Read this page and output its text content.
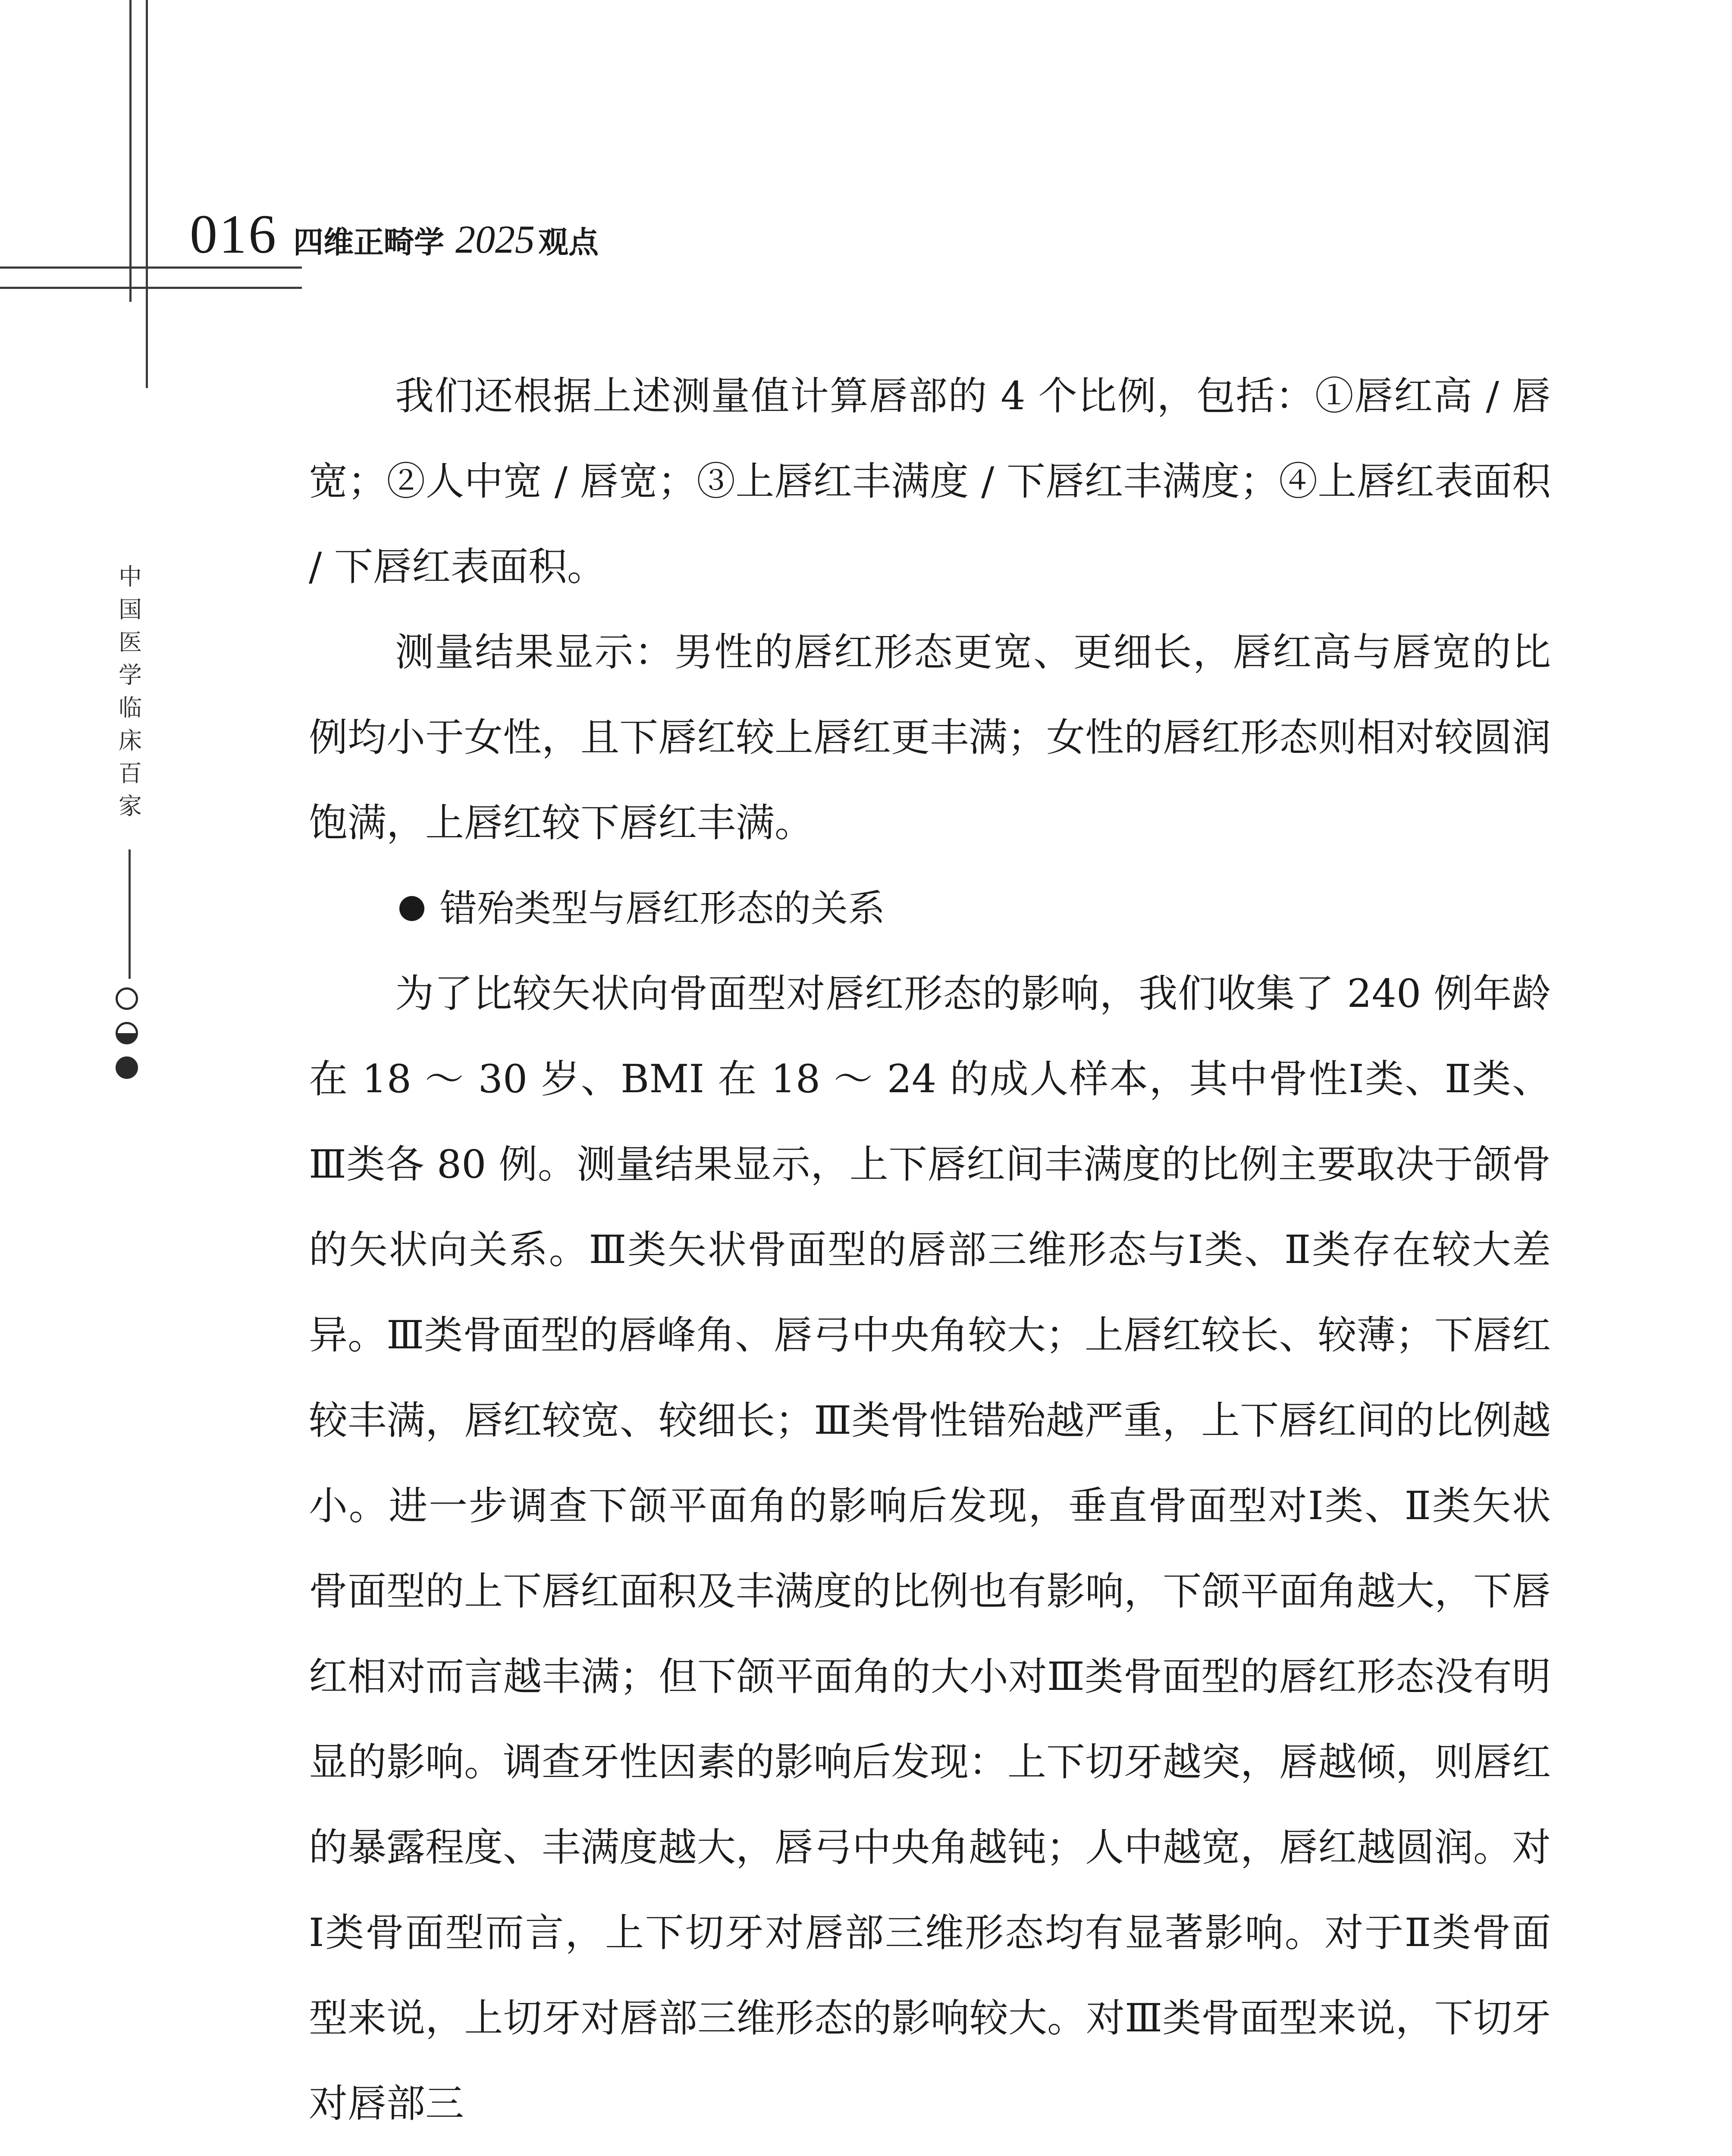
016 四维正畸学 2025 观点
中国医学临床百家

我们还根据上述测量值计算唇部的 4 个比例，包括：①唇红高 / 唇宽；②人中宽 / 唇宽；③上唇红丰满度 / 下唇红丰满度；④上唇红表面积 / 下唇红表面积。

测量结果显示：男性的唇红形态更宽、更细长，唇红高与唇宽的比例均小于女性，且下唇红较上唇红更丰满；女性的唇红形态则相对较圆润饱满，上唇红较下唇红丰满。

错殆类型与唇红形态的关系

为了比较矢状向骨面型对唇红形态的影响，我们收集了 240 例年龄在 18 ～ 30 岁、BMI 在 18 ～ 24 的成人样本，其中骨性Ⅰ类、Ⅱ类、Ⅲ类各 80 例。测量结果显示，上下唇红间丰满度的比例主要取决于颌骨的矢状向关系。Ⅲ类矢状骨面型的唇部三维形态与Ⅰ类、Ⅱ类存在较大差异。Ⅲ类骨面型的唇峰角、唇弓中央角较大；上唇红较长、较薄；下唇红较丰满，唇红较宽、较细长；Ⅲ类骨性错殆越严重，上下唇红间的比例越小。进一步调查下颌平面角的影响后发现，垂直骨面型对Ⅰ类、Ⅱ类矢状骨面型的上下唇红面积及丰满度的比例也有影响，下颌平面角越大，下唇红相对而言越丰满；但下颌平面角的大小对Ⅲ类骨面型的唇红形态没有明显的影响。调查牙性因素的影响后发现：上下切牙越突，唇越倾，则唇红的暴露程度、丰满度越大，唇弓中央角越钝；人中越宽，唇红越圆润。对Ⅰ类骨面型而言，上下切牙对唇部三维形态均有显著影响。对于Ⅱ类骨面型来说，上切牙对唇部三维形态的影响较大。对Ⅲ类骨面型来说，下切牙对唇部三
